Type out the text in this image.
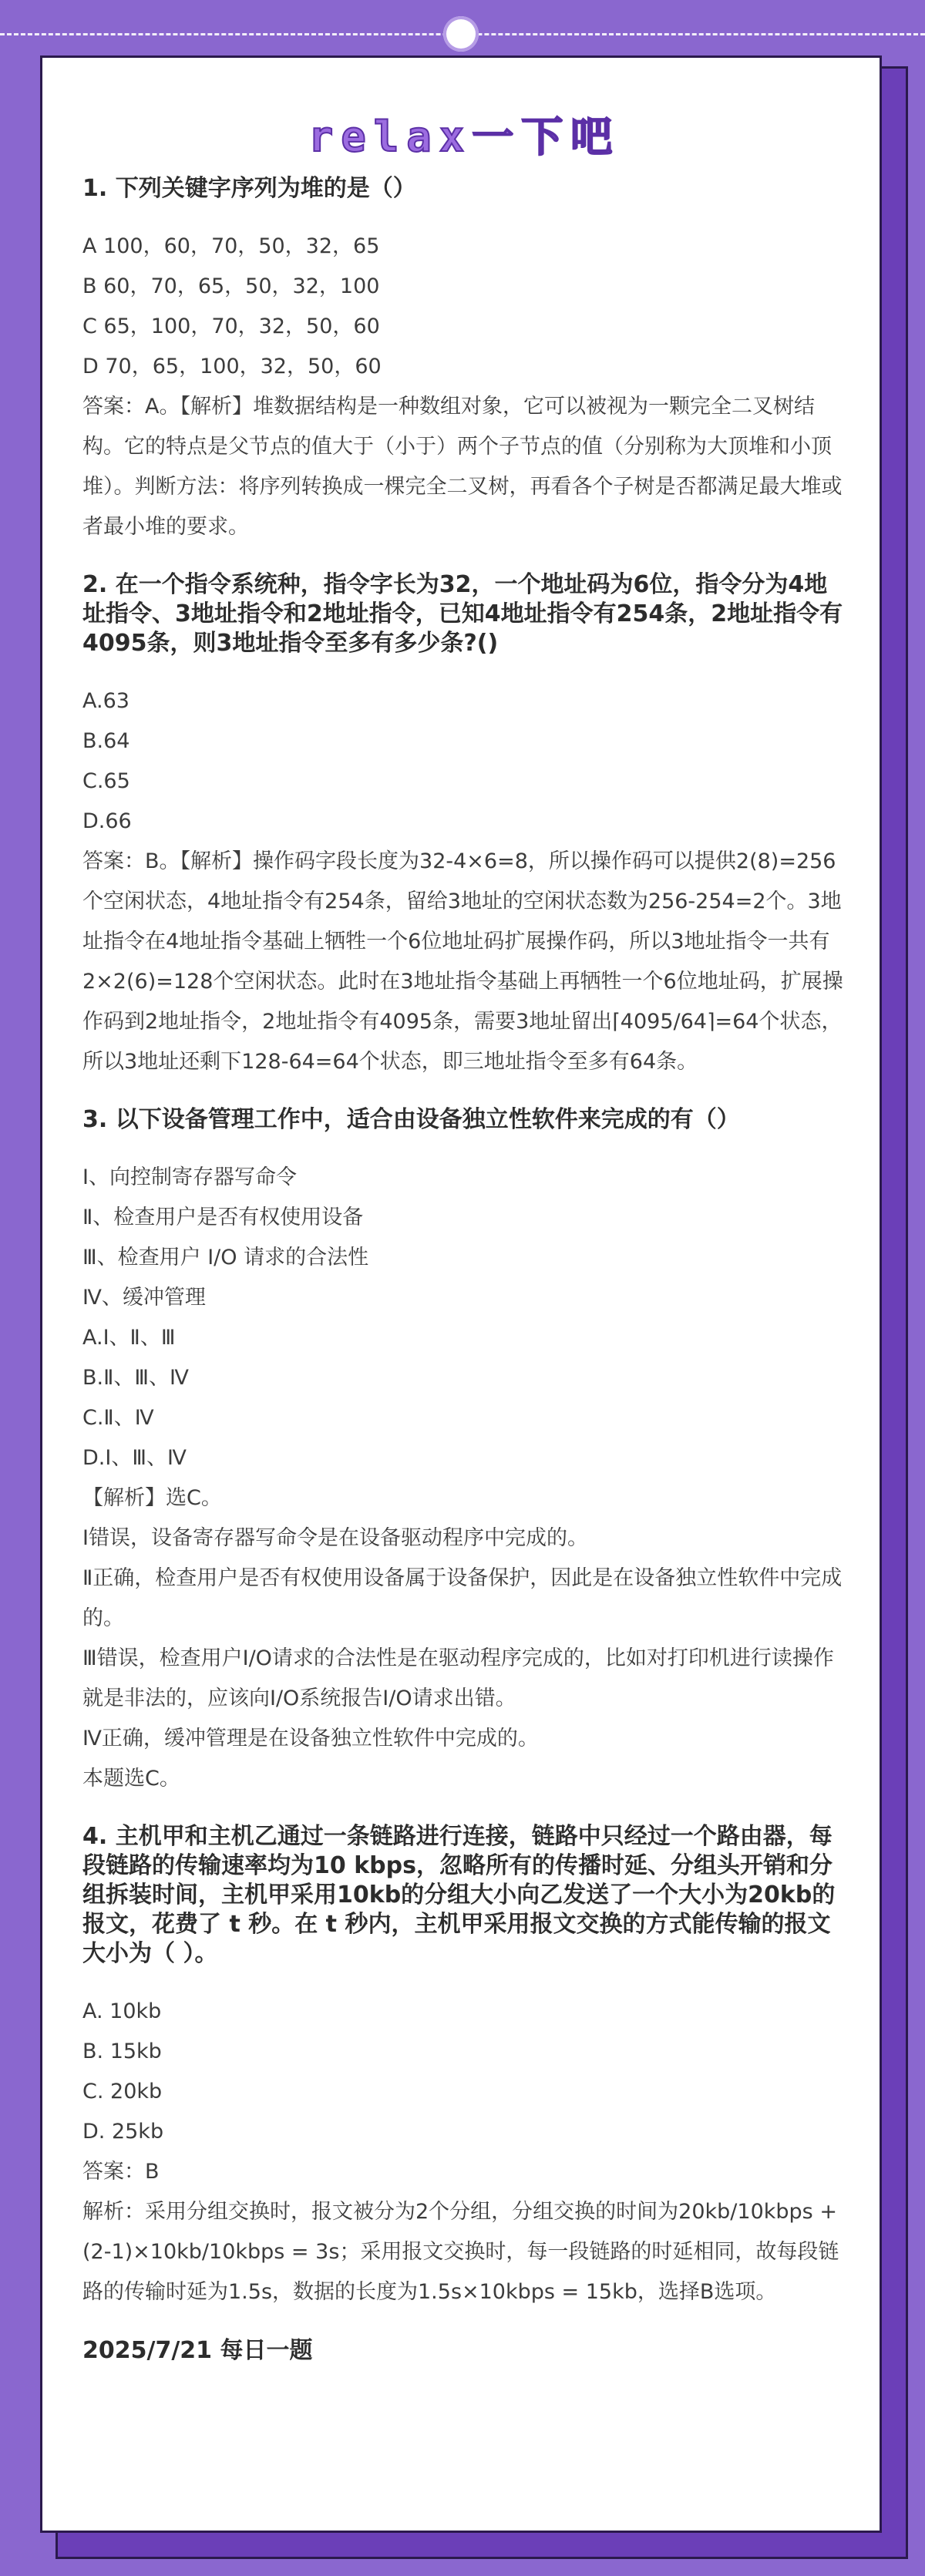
relax一下吧
1. 下列关键字序列为堆的是（）
A 100，60，70，50，32，65
B 60，70，65，50，32，100
C 65，100，70，32，50，60
D 70，65，100，32，50，60
答案：A。【解析】堆数据结构是一种数组对象，它可以被视为一颗完全二叉树结构。它的特点是父节点的值大于（小于）两个子节点的值（分别称为大顶堆和小顶堆）。判断方法：将序列转换成一棵完全二叉树，再看各个子树是否都满足最大堆或者最小堆的要求。
2. 在一个指令系统种，指令字长为32，一个地址码为6位，指令分为4地址指令、3地址指令和2地址指令，已知4地址指令有254条，2地址指令有4095条，则3地址指令至多有多少条?()
A.63
B.64
C.65
D.66
答案：B。【解析】操作码字段长度为32-4×6=8，所以操作码可以提供2(8)=256个空闲状态，4地址指令有254条，留给3地址的空闲状态数为256-254=2个。3地址指令在4地址指令基础上牺牲一个6位地址码扩展操作码，所以3地址指令一共有2×2(6)=128个空闲状态。此时在3地址指令基础上再牺牲一个6位地址码，扩展操作码到2地址指令，2地址指令有4095条，需要3地址留出⌈4095/64⌉=64个状态，所以3地址还剩下128-64=64个状态，即三地址指令至多有64条。
3. 以下设备管理工作中，适合由设备独立性软件来完成的有（）
Ⅰ、向控制寄存器写命令
Ⅱ、检查用户是否有权使用设备
Ⅲ、检查用户 I/O 请求的合法性
Ⅳ、缓冲管理
A.Ⅰ、Ⅱ、Ⅲ
B.Ⅱ、Ⅲ、Ⅳ
C.Ⅱ、Ⅳ
D.Ⅰ、Ⅲ、Ⅳ
【解析】选C。
Ⅰ错误，设备寄存器写命令是在设备驱动程序中完成的。
Ⅱ正确，检查用户是否有权使用设备属于设备保护，因此是在设备独立性软件中完成的。
Ⅲ错误，检查用户I/O请求的合法性是在驱动程序完成的，比如对打印机进行读操作就是非法的，应该向I/O系统报告I/O请求出错。
Ⅳ正确，缓冲管理是在设备独立性软件中完成的。
本题选C。
4. 主机甲和主机乙通过一条链路进行连接，链路中只经过一个路由器，每段链路的传输速率均为10 kbps，忽略所有的传播时延、分组头开销和分组拆装时间，主机甲采用10kb的分组大小向乙发送了一个大小为20kb的报文，花费了 t 秒。在 t 秒内，主机甲采用报文交换的方式能传输的报文大小为（ ）。
A. 10kb
B. 15kb
C. 20kb
D. 25kb
答案：B
解析：采用分组交换时，报文被分为2个分组，分组交换的时间为20kb/10kbps + (2-1)×10kb/10kbps = 3s；采用报文交换时，每一段链路的时延相同，故每段链路的传输时延为1.5s，数据的长度为1.5s×10kbps = 15kb，选择B选项。
2025/7/21 每日一题
